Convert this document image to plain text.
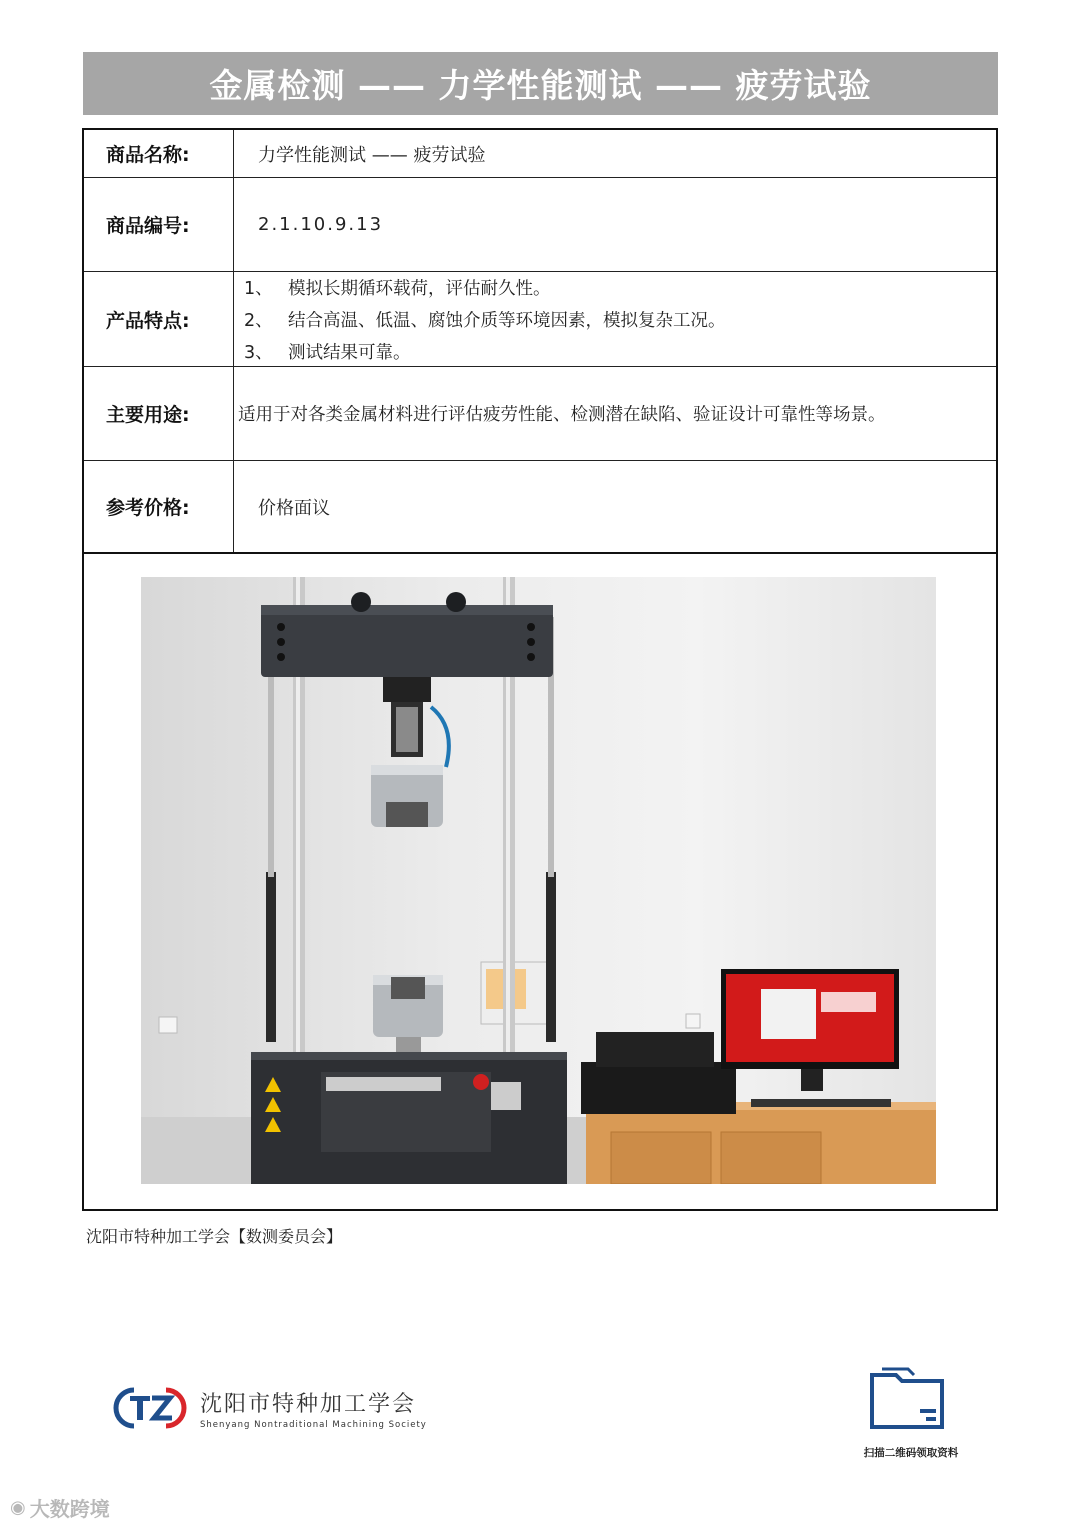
金属检测 —— 力学性能测试 —— 疲劳试验
商品名称:	力学性能测试 —— 疲劳试验
商品编号:	2.1.10.9.13
产品特点:
1、 模拟长期循环载荷，评估耐久性。
2、 结合高温、低温、腐蚀介质等环境因素，模拟复杂工况。
3、 测试结果可靠。
主要用途:	适用于对各类金属材料进行评估疲劳性能、检测潜在缺陷、验证设计可靠性等场景。
参考价格:	价格面议
沈阳市特种加工学会【数测委员会】
沈阳市特种加工学会
Shenyang Nontraditional Machining Society
扫描二维码领取资料
◉ 大数跨境
